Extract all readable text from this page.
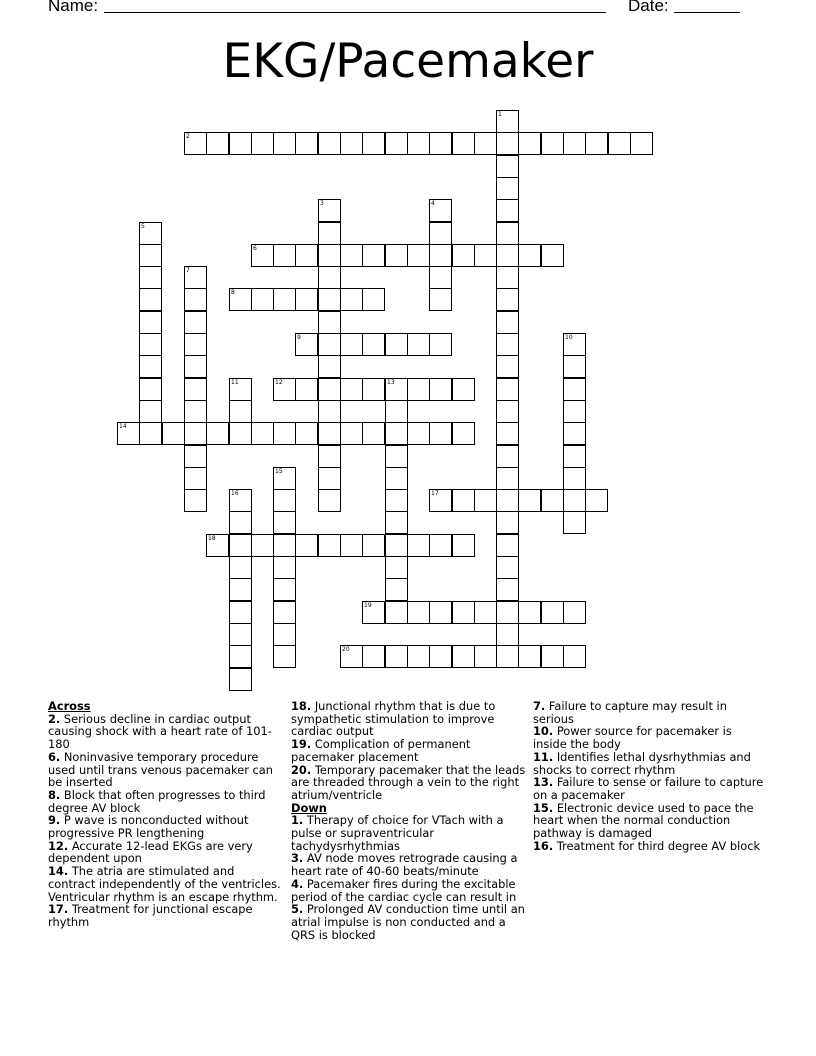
Name:	Date:
EKG/Pacemaker
1
2
3	4
5
6
7
8
9	10
11	12	13
14
15
16	17
18
19
20
Across
2. Serious decline in cardiac output causing shock with a heart rate of 101-180
6. Noninvasive temporary procedure used until trans venous pacemaker can be inserted
8. Block that often progresses to third degree AV block
9. P wave is nonconducted without progressive PR lengthening
12. Accurate 12-lead EKGs are very dependent upon
14. The atria are stimulated and contract independently of the ventricles. Ventricular rhythm is an escape rhythm.
17. Treatment for junctional escape rhythm
18. Junctional rhythm that is due to sympathetic stimulation to improve cardiac output
19. Complication of permanent pacemaker placement
20. Temporary pacemaker that the leads are threaded through a vein to the right atrium/ventricle
Down
1. Therapy of choice for VTach with a pulse or supraventricular tachydysrhythmias
3. AV node moves retrograde causing a heart rate of 40-60 beats/minute
4. Pacemaker fires during the excitable period of the cardiac cycle can result in
5. Prolonged AV conduction time until an atrial impulse is non conducted and a QRS is blocked
7. Failure to capture may result in serious
10. Power source for pacemaker is inside the body
11. Identifies lethal dysrhythmias and shocks to correct rhythm
13. Failure to sense or failure to capture on a pacemaker
15. Electronic device used to pace the heart when the normal conduction pathway is damaged
16. Treatment for third degree AV block
